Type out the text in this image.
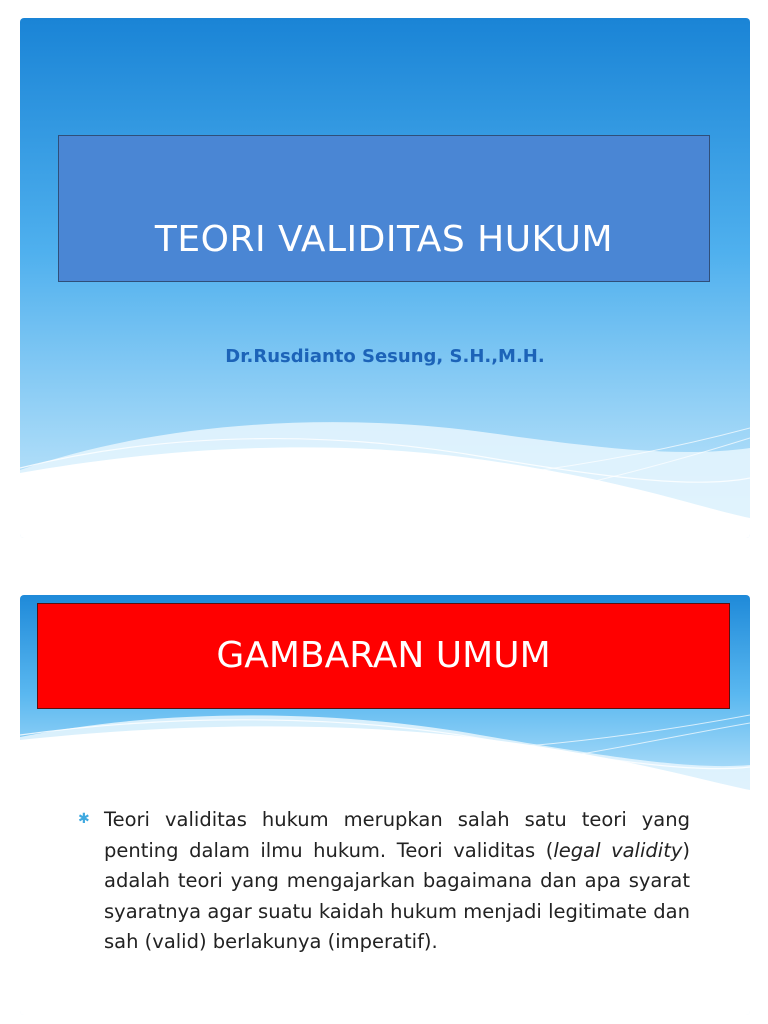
TEORI VALIDITAS HUKUM
Dr.Rusdianto Sesung, S.H.,M.H.
GAMBARAN UMUM
✱ Teori validitas hukum merupkan salah satu teori yang penting dalam ilmu hukum. Teori validitas (legal validity) adalah teori yang mengajarkan bagaimana dan apa syarat syaratnya agar suatu kaidah hukum menjadi legitimate dan sah (valid) berlakunya (imperatif).
